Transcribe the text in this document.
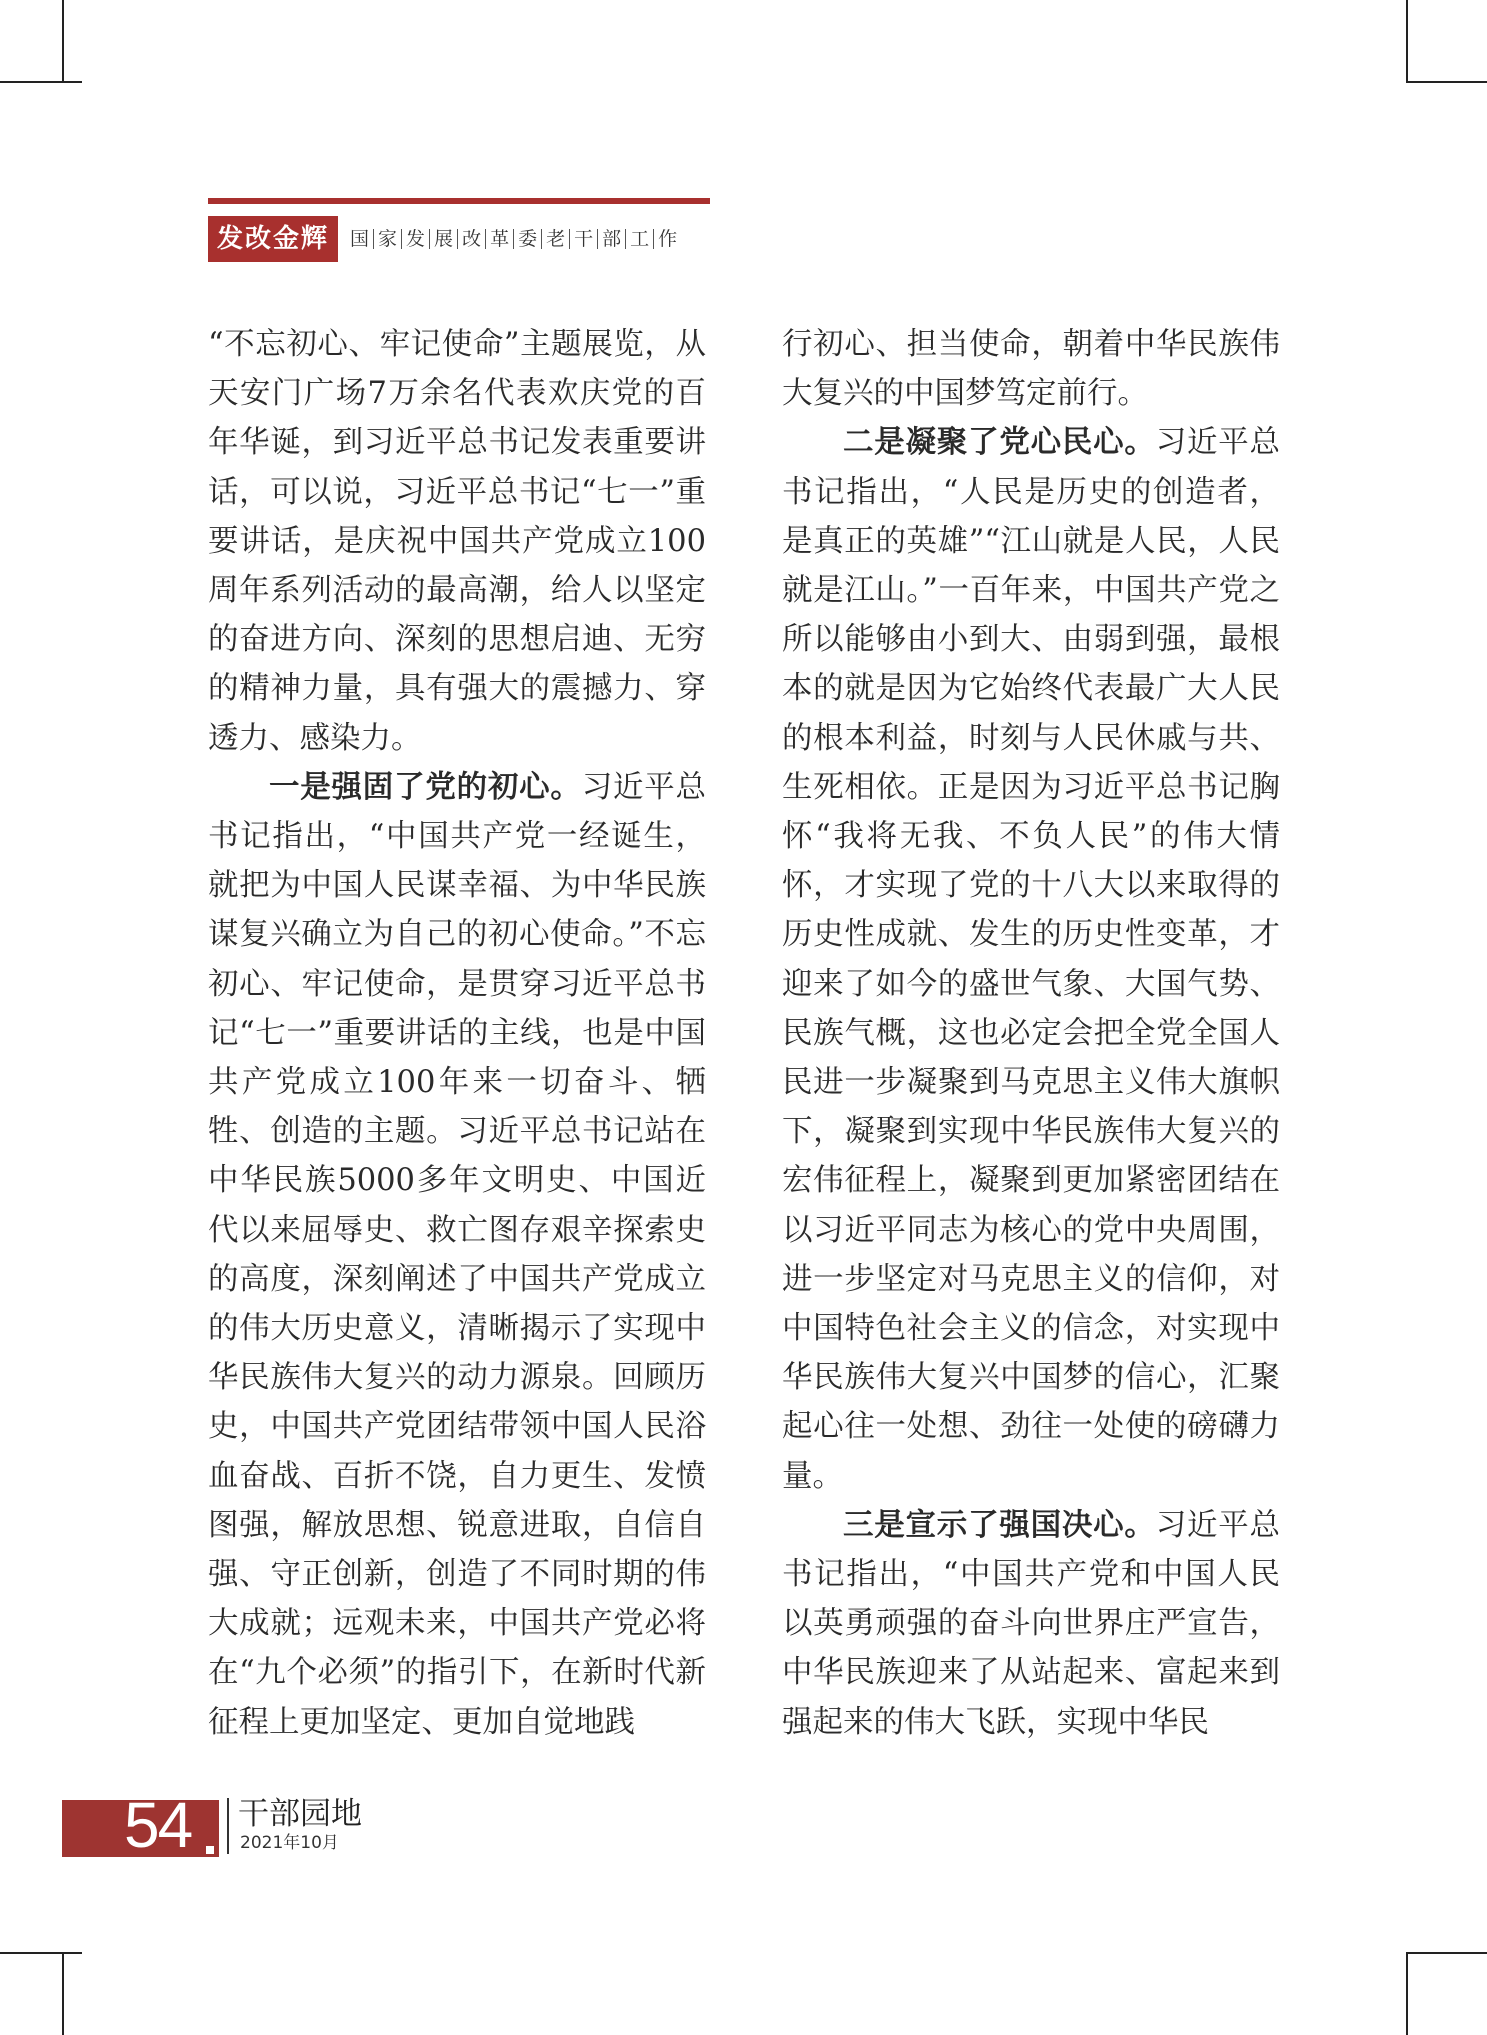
发改金辉	国 家 发 展 改 革 委 老 干 部 工 作

“不忘初心、牢记使命”主题展览，从天安门广场7万余名代表欢庆党的百年华诞，到习近平总书记发表重要讲话，可以说，习近平总书记“七一”重要讲话，是庆祝中国共产党成立100周年系列活动的最高潮，给人以坚定的奋进方向、深刻的思想启迪、无穷的精神力量，具有强大的震撼力、穿透力、感染力。

一是强固了党的初心。习近平总书记指出，“中国共产党一经诞生，就把为中国人民谋幸福、为中华民族谋复兴确立为自己的初心使命。”不忘初心、牢记使命，是贯穿习近平总书记“七一”重要讲话的主线，也是中国共产党成立100年来一切奋斗、牺牲、创造的主题。习近平总书记站在中华民族5000多年文明史、中国近代以来屈辱史、救亡图存艰辛探索史的高度，深刻阐述了中国共产党成立的伟大历史意义，清晰揭示了实现中华民族伟大复兴的动力源泉。回顾历史，中国共产党团结带领中国人民浴血奋战、百折不饶，自力更生、发愤图强，解放思想、锐意进取，自信自强、守正创新，创造了不同时期的伟大成就；远观未来，中国共产党必将在“九个必须”的指引下，在新时代新征程上更加坚定、更加自觉地践

行初心、担当使命，朝着中华民族伟大复兴的中国梦笃定前行。

二是凝聚了党心民心。习近平总书记指出，“人民是历史的创造者，是真正的英雄”“江山就是人民，人民就是江山。”一百年来，中国共产党之所以能够由小到大、由弱到强，最根本的就是因为它始终代表最广大人民的根本利益，时刻与人民休戚与共、生死相依。正是因为习近平总书记胸怀“我将无我、不负人民”的伟大情怀，才实现了党的十八大以来取得的历史性成就、发生的历史性变革，才迎来了如今的盛世气象、大国气势、民族气概，这也必定会把全党全国人民进一步凝聚到马克思主义伟大旗帜下，凝聚到实现中华民族伟大复兴的宏伟征程上，凝聚到更加紧密团结在以习近平同志为核心的党中央周围，进一步坚定对马克思主义的信仰，对中国特色社会主义的信念，对实现中华民族伟大复兴中国梦的信心，汇聚起心往一处想、劲往一处使的磅礴力量。

三是宣示了强国决心。习近平总书记指出，“中国共产党和中国人民以英勇顽强的奋斗向世界庄严宣告，中华民族迎来了从站起来、富起来到强起来的伟大飞跃，实现中华民

54 干部园地
2021年10月
